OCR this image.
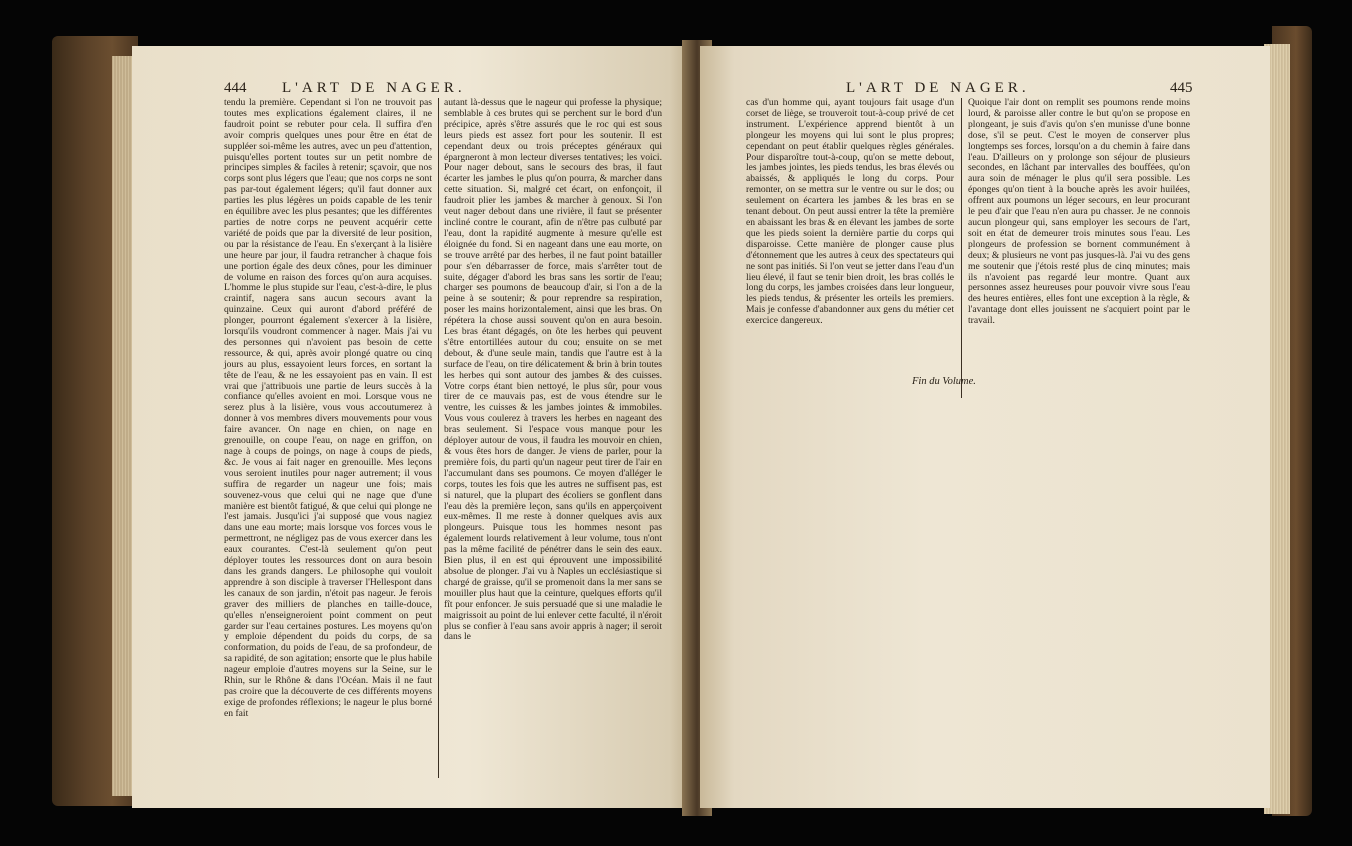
444 L'ART DE NAGER.
tendu la première. Cependant si l'on ne trouvoit pas toutes mes explications également claires, il ne faudroit point se rebuter pour cela. Il suffira d'en avoir compris quelques unes pour être en état de suppléer soi-même les autres, avec un peu d'attention, puisqu'elles portent toutes sur un petit nombre de principes simples & faciles à retenir; sçavoir, que nos corps sont plus légers que l'eau; que nos corps ne sont pas par-tout également légers; qu'il faut donner aux parties les plus légères un poids capable de les tenir en équilibre avec les plus pesantes; que les différentes parties de notre corps ne peuvent acquérir cette variété de poids que par la diversité de leur position, ou par la résistance de l'eau. En s'exerçant à la lisière une heure par jour, il faudra retrancher à chaque fois une portion égale des deux cônes, pour les diminuer de volume en raison des forces qu'on aura acquises. L'homme le plus stupide sur l'eau, c'est-à-dire, le plus craintif, nagera sans aucun secours avant la quinzaine. Ceux qui auront d'abord préféré de plonger, pourront également s'exercer à la lisière, lorsqu'ils voudront commencer à nager. Mais j'ai vu des personnes qui n'avoient pas besoin de cette ressource, & qui, après avoir plongé quatre ou cinq jours au plus, essayoient leurs forces, en sortant la tête de l'eau, & ne les essayoient pas en vain. Il est vrai que j'attribuois une partie de leurs succès à la confiance qu'elles avoient en moi. Lorsque vous ne serez plus à la lisière, vous vous accoutumerez à donner à vos membres divers mouvements pour vous faire avancer. On nage en chien, on nage en grenouille, on coupe l'eau, on nage en griffon, on nage à coups de poings, on nage à coups de pieds, &c. Je vous ai fait nager en grenouille. Mes leçons vous seroient inutiles pour nager autrement; il vous suffira de regarder un nageur une fois; mais souvenez-vous que celui qui ne nage que d'une manière est bientôt fatigué, & que celui qui plonge ne l'est jamais. Jusqu'ici j'ai supposé que vous nagiez dans une eau morte; mais lorsque vos forces vous le permettront, ne négligez pas de vous exercer dans les eaux courantes. C'est-là seulement qu'on peut déployer toutes les ressources dont on aura besoin dans les grands dangers. Le philosophe qui vouloit apprendre à son disciple à traverser l'Hellespont dans les canaux de son jardin, n'étoit pas nageur. Je ferois graver des milliers de planches en taille-douce, qu'elles n'enseigneroient point comment on peut garder sur l'eau certaines postures. Les moyens qu'on y emploie dépendent du poids du corps, de sa conformation, du poids de l'eau, de sa profondeur, de sa rapidité, de son agitation; ensorte que le plus habile nageur emploie d'autres moyens sur la Seine, sur le Rhin, sur le Rhône & dans l'Océan. Mais il ne faut pas croire que la découverte de ces différents moyens exige de profondes réflexions; le nageur le plus borné en fait
autant là-dessus que le nageur qui professe la physique; semblable à ces brutes qui se perchent sur le bord d'un précipice, après s'être assurés que le roc qui est sous leurs pieds est assez fort pour les soutenir. Il est cependant deux ou trois préceptes généraux qui épargneront à mon lecteur diverses tentatives; les voici. Pour nager debout, sans le secours des bras, il faut écarter les jambes le plus qu'on pourra, & marcher dans cette situation. Si, malgré cet écart, on enfonçoit, il faudroit plier les jambes & marcher à genoux. Si l'on veut nager debout dans une rivière, il faut se présenter incliné contre le courant, afin de n'être pas culbuté par l'eau, dont la rapidité augmente à mesure qu'elle est éloignée du fond. Si en nageant dans une eau morte, on se trouve arrêté par des herbes, il ne faut point batailler pour s'en débarrasser de force, mais s'arrêter tout de suite, dégager d'abord les bras sans les sortir de l'eau; charger ses poumons de beaucoup d'air, si l'on a de la peine à se soutenir; & pour reprendre sa respiration, poser les mains horizontalement, ainsi que les bras. On répétera la chose aussi souvent qu'on en aura besoin. Les bras étant dégagés, on ôte les herbes qui peuvent s'être entortillées autour du cou; ensuite on se met debout, & d'une seule main, tandis que l'autre est à la surface de l'eau, on tire délicatement & brin à brin toutes les herbes qui sont autour des jambes & des cuisses. Votre corps étant bien nettoyé, le plus sûr, pour vous tirer de ce mauvais pas, est de vous étendre sur le ventre, les cuisses & les jambes jointes & immobiles. Vous vous coulerez à travers les herbes en nageant des bras seulement. Si l'espace vous manque pour les déployer autour de vous, il faudra les mouvoir en chien, & vous êtes hors de danger. Je viens de parler, pour la première fois, du parti qu'un nageur peut tirer de l'air en l'accumulant dans ses poumons. Ce moyen d'alléger le corps, toutes les fois que les autres ne suffisent pas, est si naturel, que la plupart des écoliers se gonflent dans l'eau dès la première leçon, sans qu'ils en apperçoivent eux-mêmes. Il me reste à donner quelques avis aux plongeurs. Puisque tous les hommes nesont pas également lourds relativement à leur volume, tous n'ont pas la même facilité de pénétrer dans le sein des eaux. Bien plus, il en est qui éprouvent une impossibilité absolue de plonger. J'ai vu à Naples un ecclésiastique si chargé de graisse, qu'il se promenoit dans la mer sans se mouiller plus haut que la ceinture, quelques efforts qu'il fît pour enfoncer. Je suis persuadé que si une maladie le maigrissoit au point de lui enlever cette faculté, il n'éroit plus se confier à l'eau sans avoir appris à nager; il seroit dans le
L'ART DE NAGER.	445
cas d'un homme qui, ayant toujours fait usage d'un corset de liège, se trouveroit tout-à-coup privé de cet instrument. L'expérience apprend bientôt à un plongeur les moyens qui lui sont le plus propres; cependant on peut établir quelques règles générales. Pour disparoître tout-à-coup, qu'on se mette debout, les jambes jointes, les pieds tendus, les bras élevés ou abaissés, & appliqués le long du corps. Pour remonter, on se mettra sur le ventre ou sur le dos; ou seulement on écartera les jambes & les bras en se tenant debout. On peut aussi entrer la tête la première en abaissant les bras & en élevant les jambes de sorte que les pieds soient la dernière partie du corps qui disparoisse. Cette manière de plonger cause plus d'étonnement que les autres à ceux des spectateurs qui ne sont pas initiés. Si l'on veut se jetter dans l'eau d'un lieu élevé, il faut se tenir bien droit, les bras collés le long du corps, les jambes croisées dans leur longueur, les pieds tendus, & présenter les orteils les premiers. Mais je confesse d'abandonner aux gens du métier cet exercice dangereux.
Quoique l'air dont on remplit ses poumons rende moins lourd, & paroisse aller contre le but qu'on se propose en plongeant, je suis d'avis qu'on s'en munisse d'une bonne dose, s'il se peut. C'est le moyen de conserver plus longtemps ses forces, lorsqu'on a du chemin à faire dans l'eau. D'ailleurs on y prolonge son séjour de plusieurs secondes, en lâchant par intervalles des bouffées, qu'on aura soin de ménager le plus qu'il sera possible. Les éponges qu'on tient à la bouche après les avoir huilées, offrent aux poumons un léger secours, en leur procurant le peu d'air que l'eau n'en aura pu chasser. Je ne connois aucun plongeur qui, sans employer les secours de l'art, soit en état de demeurer trois minutes sous l'eau. Les plongeurs de profession se bornent communément à deux; & plusieurs ne vont pas jusques-là. J'ai vu des gens me soutenir que j'étois resté plus de cinq minutes; mais ils n'avoient pas regardé leur montre. Quant aux personnes assez heureuses pour pouvoir vivre sous l'eau des heures entières, elles font une exception à la règle, & l'avantage dont elles jouissent ne s'acquiert point par le travail.
Fin du Volume.
